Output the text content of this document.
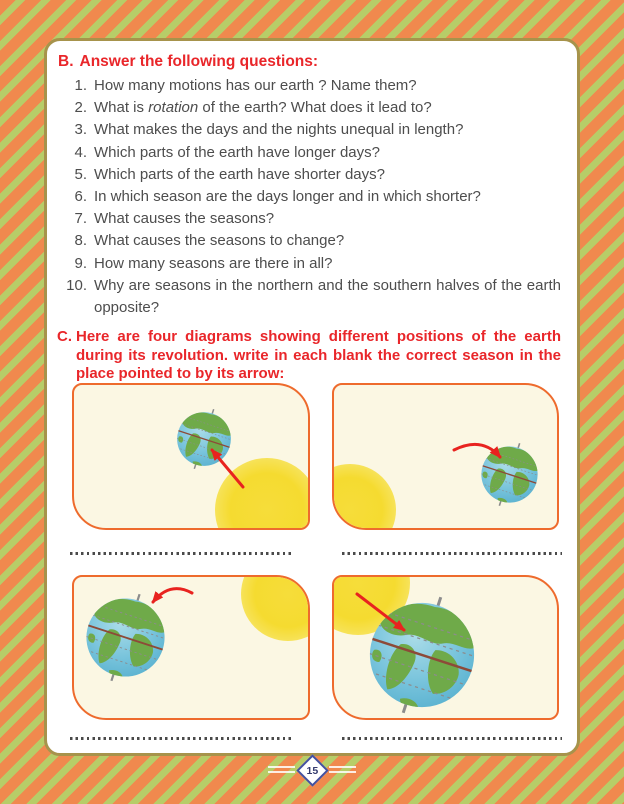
B. Answer the following questions:
1. How many motions has our earth ? Name them?
2. What is rotation of the earth? What does it lead to?
3. What makes the days and the nights unequal in length?
4. Which parts of the earth have longer days?
5. Which parts of the earth have shorter days?
6. In which season are the days longer and in which shorter?
7. What causes the seasons?
8. What causes the seasons to change?
9. How many seasons are there in all?
10. Why are seasons in the northern and the southern halves of the earth opposite?
C. Here are four diagrams showing different positions of the earth during its revolution. write in each blank the correct season in the place pointed to by its arrow:
15
